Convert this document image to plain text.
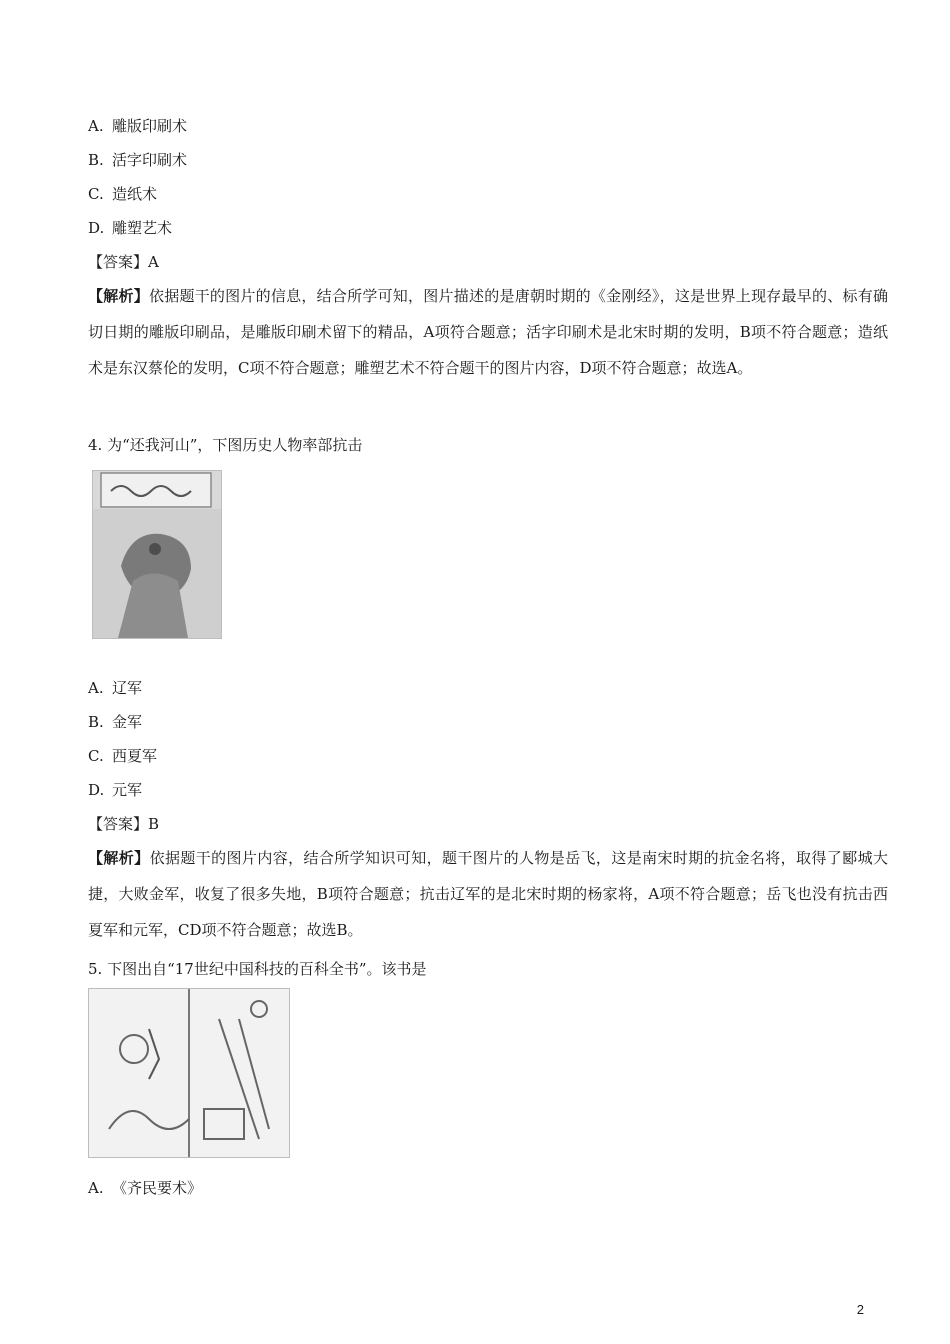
A. 雕版印刷术
B. 活字印刷术
C. 造纸术
D. 雕塑艺术
【答案】A
【解析】依据题干的图片的信息，结合所学可知，图片描述的是唐朝时期的《金刚经》，这是世界上现存最早的、标有确切日期的雕版印刷品，是雕版印刷术留下的精品，A项符合题意；活字印刷术是北宋时期的发明，B项不符合题意；造纸术是东汉蔡伦的发明，C项不符合题意；雕塑艺术不符合题干的图片内容，D项不符合题意；故选A。
4. 为“还我河山”，下图历史人物率部抗击
A. 辽军
B. 金军
C. 西夏军
D. 元军
【答案】B
【解析】依据题干的图片内容，结合所学知识可知，题干图片的人物是岳飞，这是南宋时期的抗金名将，取得了郾城大捷，大败金军，收复了很多失地，B项符合题意；抗击辽军的是北宋时期的杨家将，A项不符合题意；岳飞也没有抗击西夏军和元军，CD项不符合题意；故选B。
5. 下图出自“17世纪中国科技的百科全书”。该书是
A. 《齐民要术》
2
